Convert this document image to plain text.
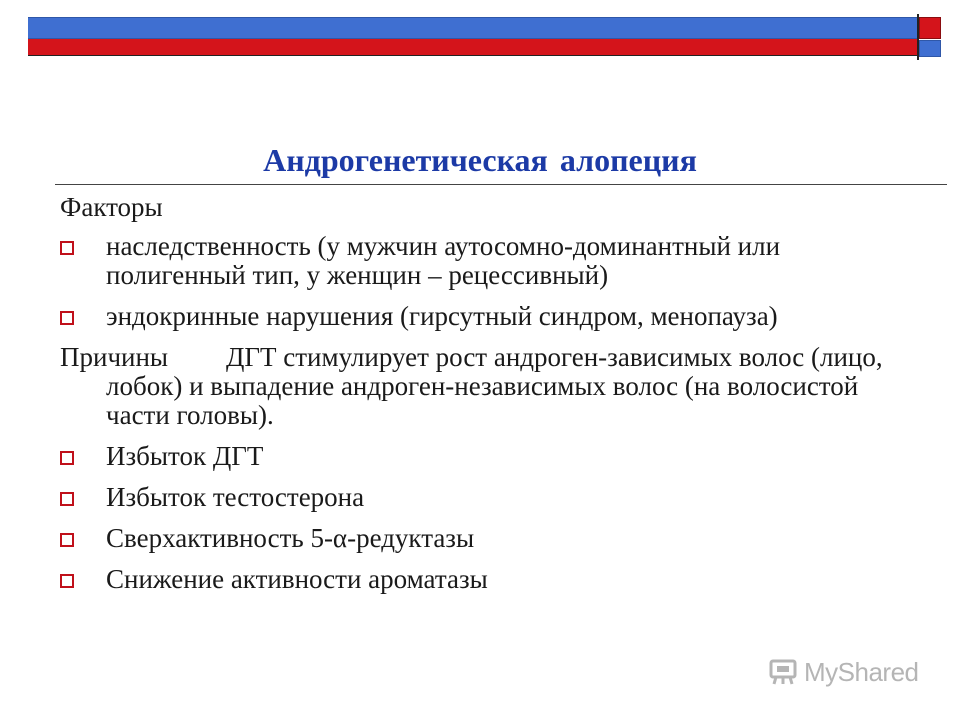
Андрогенетическая алопеция

Факторы

наследственность (у мужчин аутосомно-доминантный или полигенный тип, у женщин – рецессивный)

эндокринные нарушения (гирсутный синдром, менопауза)

Причины ДГТ стимулирует рост андроген-зависимых волос (лицо, лобок) и выпадение андроген-независимых волос (на волосистой части головы).

Избыток ДГТ

Избыток тестостерона

Сверхактивность 5-α-редуктазы

Снижение активности ароматазы

MyShared
